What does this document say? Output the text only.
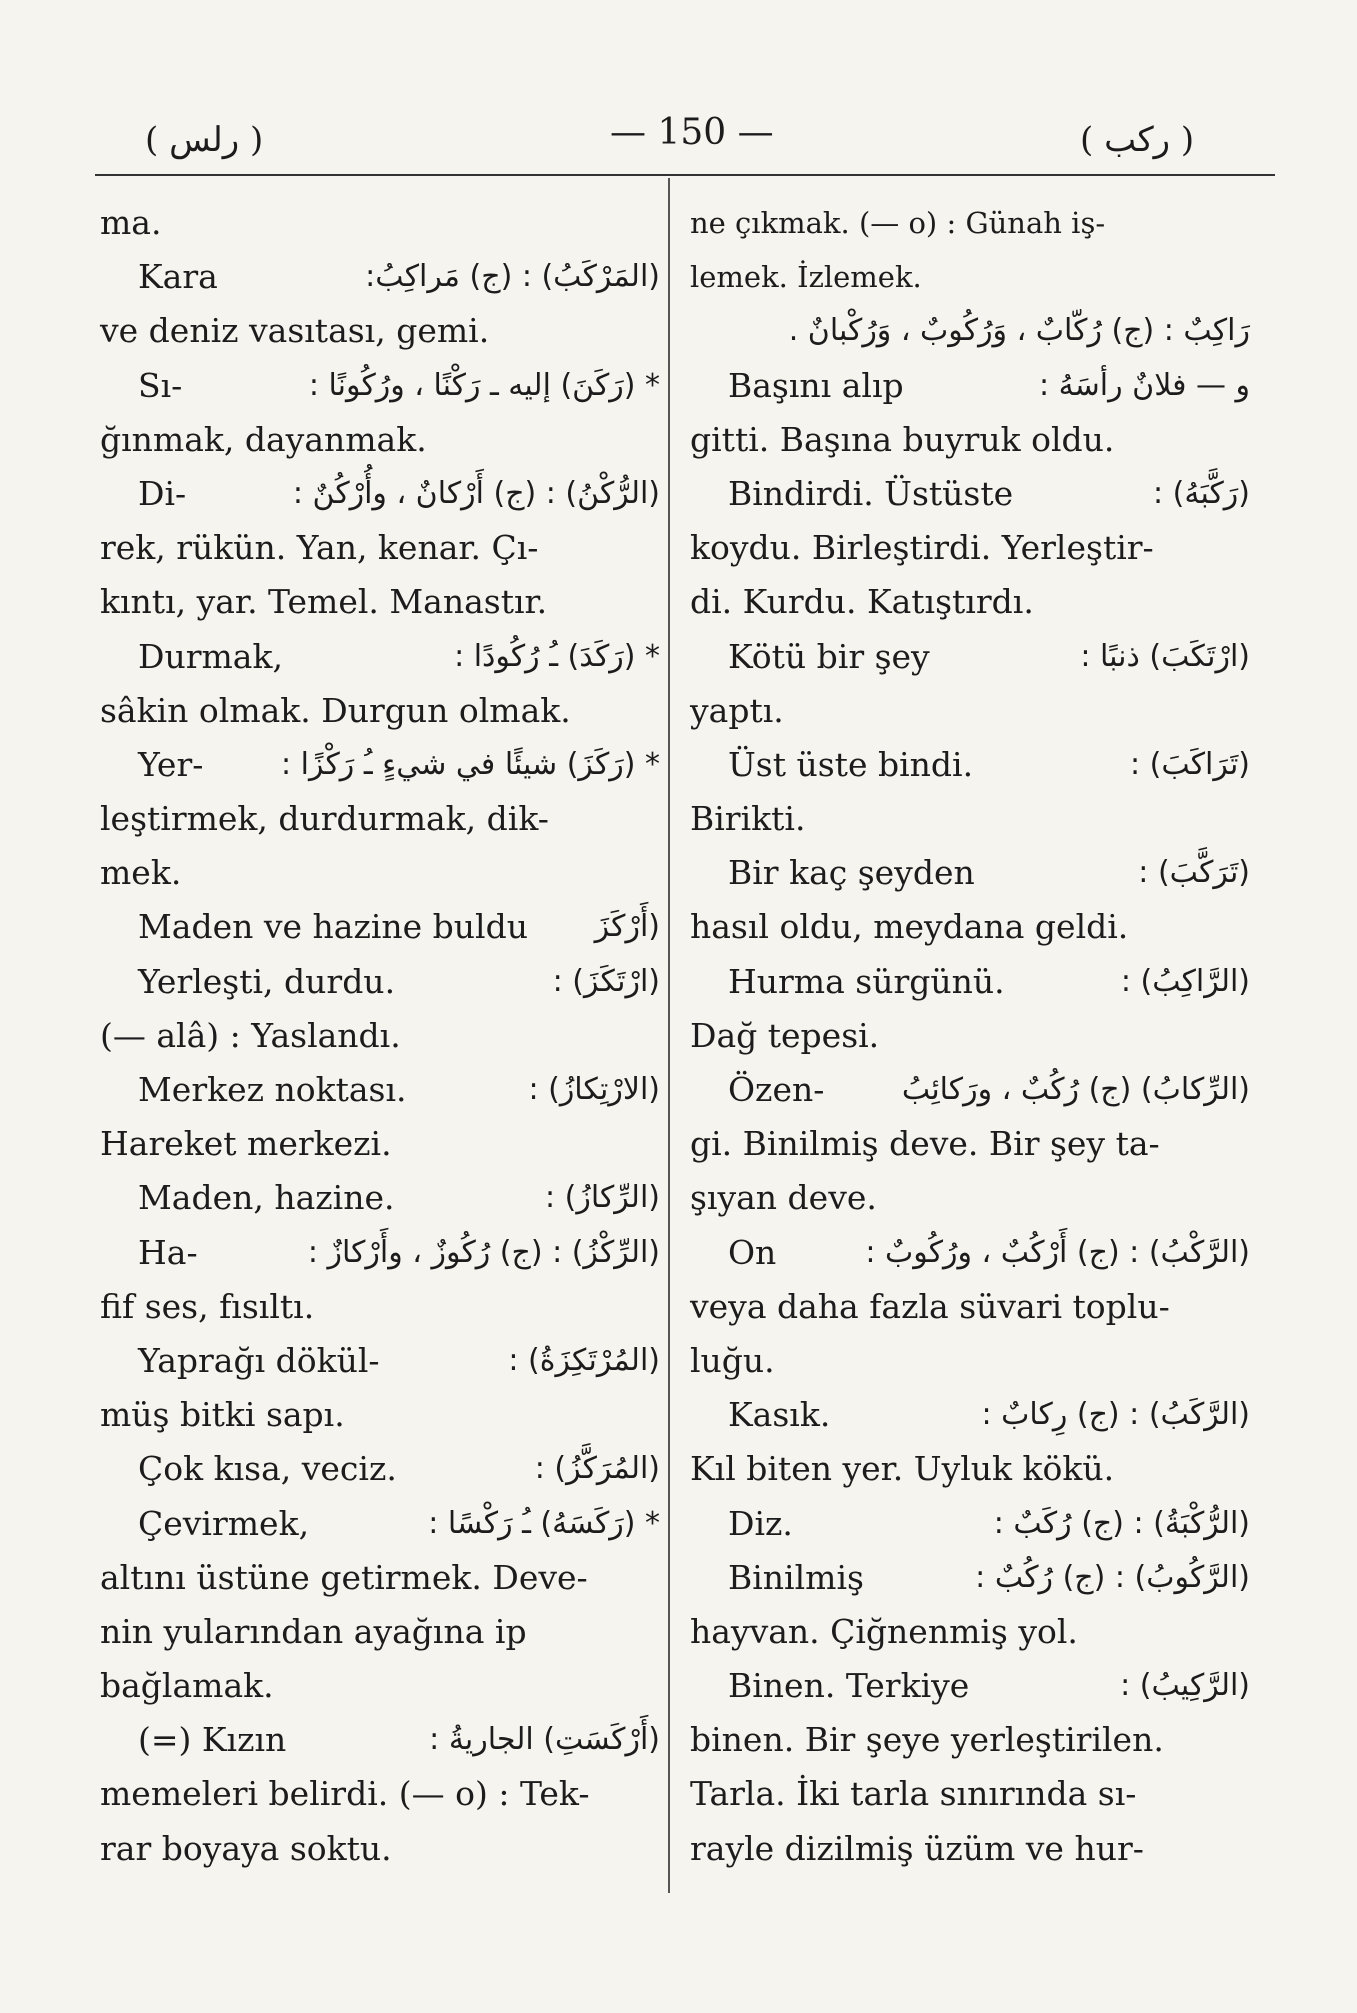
( رلس )	— 150 —	( ركب )
ma.
Kara	(المَرْكَبُ) : (ج) مَراكِبُ:
ve deniz vasıtası, gemi.
Sı-	* (رَكَنَ) إليه ـ رَكْنًا ، ورُكُونًا :
ğınmak, dayanmak.
Di-	(الرُّكْنُ) : (ج) أَرْكانٌ ، وأُرْكُنٌ :
rek, rükün. Yan, kenar. Çı-
kıntı, yar. Temel. Manastır.
Durmak,	* (رَكَدَ) ـُ رُكُودًا :
sâkin olmak. Durgun olmak.
Yer-	* (رَكَزَ) شيئًا في شيءٍ ـُ رَكْزًا :
leştirmek, durdurmak, dik-
mek.
Maden ve hazine buldu (أَرْكَزَ
Yerleşti, durdu.	(ارْتَكَزَ) :
(— alâ) : Yaslandı.
Merkez noktası.	(الارْتِكازُ) :
Hareket merkezi.
Maden, hazine.	(الرِّكازُ) :
Ha-	(الرِّكْزُ) : (ج) رُكُوزٌ ، وأَرْكازٌ :
fif ses, fısıltı.
Yaprağı dökül-	(المُرْتَكِزَةُ) :
müş bitki sapı.
Çok kısa, veciz.	(المُرَكَّزُ) :
Çevirmek,	* (رَكَسَهُ) ـُ رَكْسًا :
altını üstüne getirmek. Deve-
nin yularından ayağına ip
bağlamak.
(=) Kızın	(أَرْكَسَتِ) الجاريةُ :
memeleri belirdi. (— o) : Tek-
rar boyaya soktu.
ne çıkmak. (— o) : Günah iş-
lemek. İzlemek.
رَاكِبٌ : (ج) رُكّابٌ ، وَرُكُوبٌ ، وَرُكْبانٌ .
Başını alıp	و — فلانٌ رأسَهُ :
gitti. Başına buyruk oldu.
Bindirdi. Üstüste	(رَكَّبَهُ) :
koydu. Birleştirdi. Yerleştir-
di. Kurdu. Katıştırdı.
Kötü bir şey	(ارْتَكَبَ) ذنبًا :
yaptı.
Üst üste bindi.	(تَرَاكَبَ) :
Birikti.
Bir kaç şeyden	(تَرَكَّبَ) :
hasıl oldu, meydana geldi.
Hurma sürgünü.	(الرَّاكِبُ) :
Dağ tepesi.
Özen-	(الرِّكابُ) (ج) رُكُبٌ ، ورَكائِبُ
gi. Binilmiş deve. Bir şey ta-
şıyan deve.
On	(الرَّكْبُ) : (ج) أَرْكُبٌ ، ورُكُوبٌ :
veya daha fazla süvari toplu-
luğu.
Kasık.	(الرَّكَبُ) : (ج) رِكابٌ :
Kıl biten yer. Uyluk kökü.
Diz.	(الرُّكْبَةُ) : (ج) رُكَبٌ :
Binilmiş	(الرَّكُوبُ) : (ج) رُكُبٌ :
hayvan. Çiğnenmiş yol.
Binen. Terkiye	(الرَّكِيبُ) :
binen. Bir şeye yerleştirilen.
Tarla. İki tarla sınırında sı-
rayle dizilmiş üzüm ve hur-
